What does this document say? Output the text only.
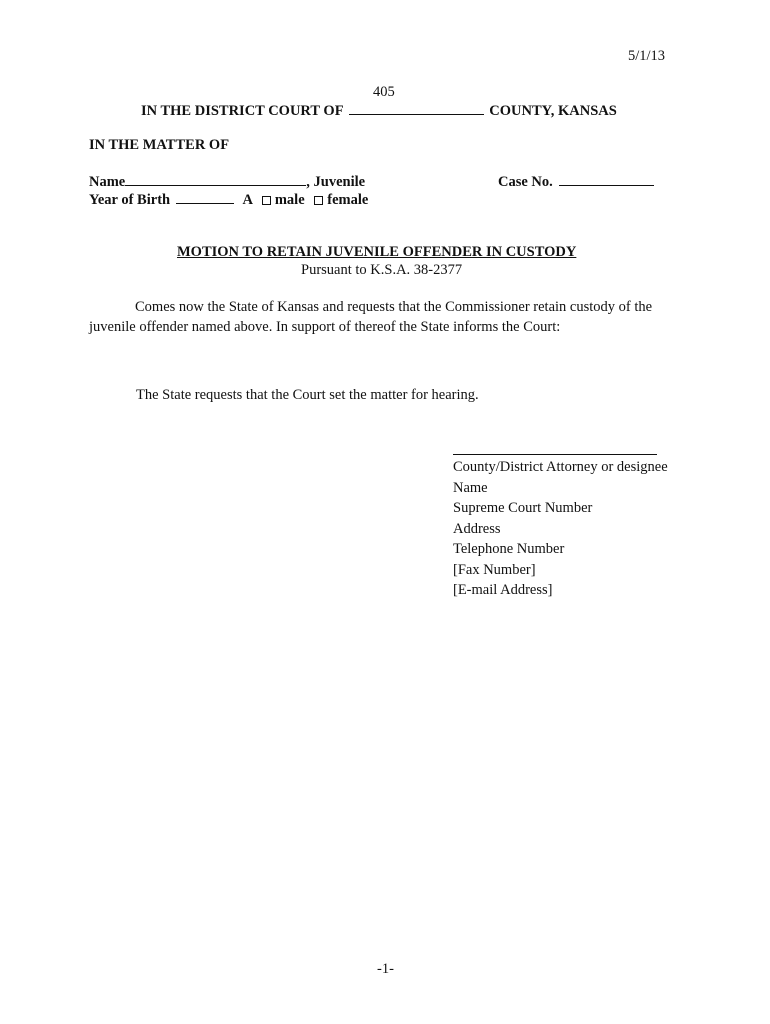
5/1/13
405
IN THE DISTRICT COURT OF	COUNTY, KANSAS
IN THE MATTER OF
Name	, Juvenile	Case No.
Year of Birth	A male female
MOTION TO RETAIN JUVENILE OFFENDER IN CUSTODY
Pursuant to K.S.A. 38-2377
Comes now the State of Kansas and requests that the Commissioner retain custody of the juvenile offender named above. In support of thereof the State informs the Court:
The State requests that the Court set the matter for hearing.
County/District Attorney or designee
Name
Supreme Court Number
Address
Telephone Number
[Fax Number]
[E-mail Address]
-1-
